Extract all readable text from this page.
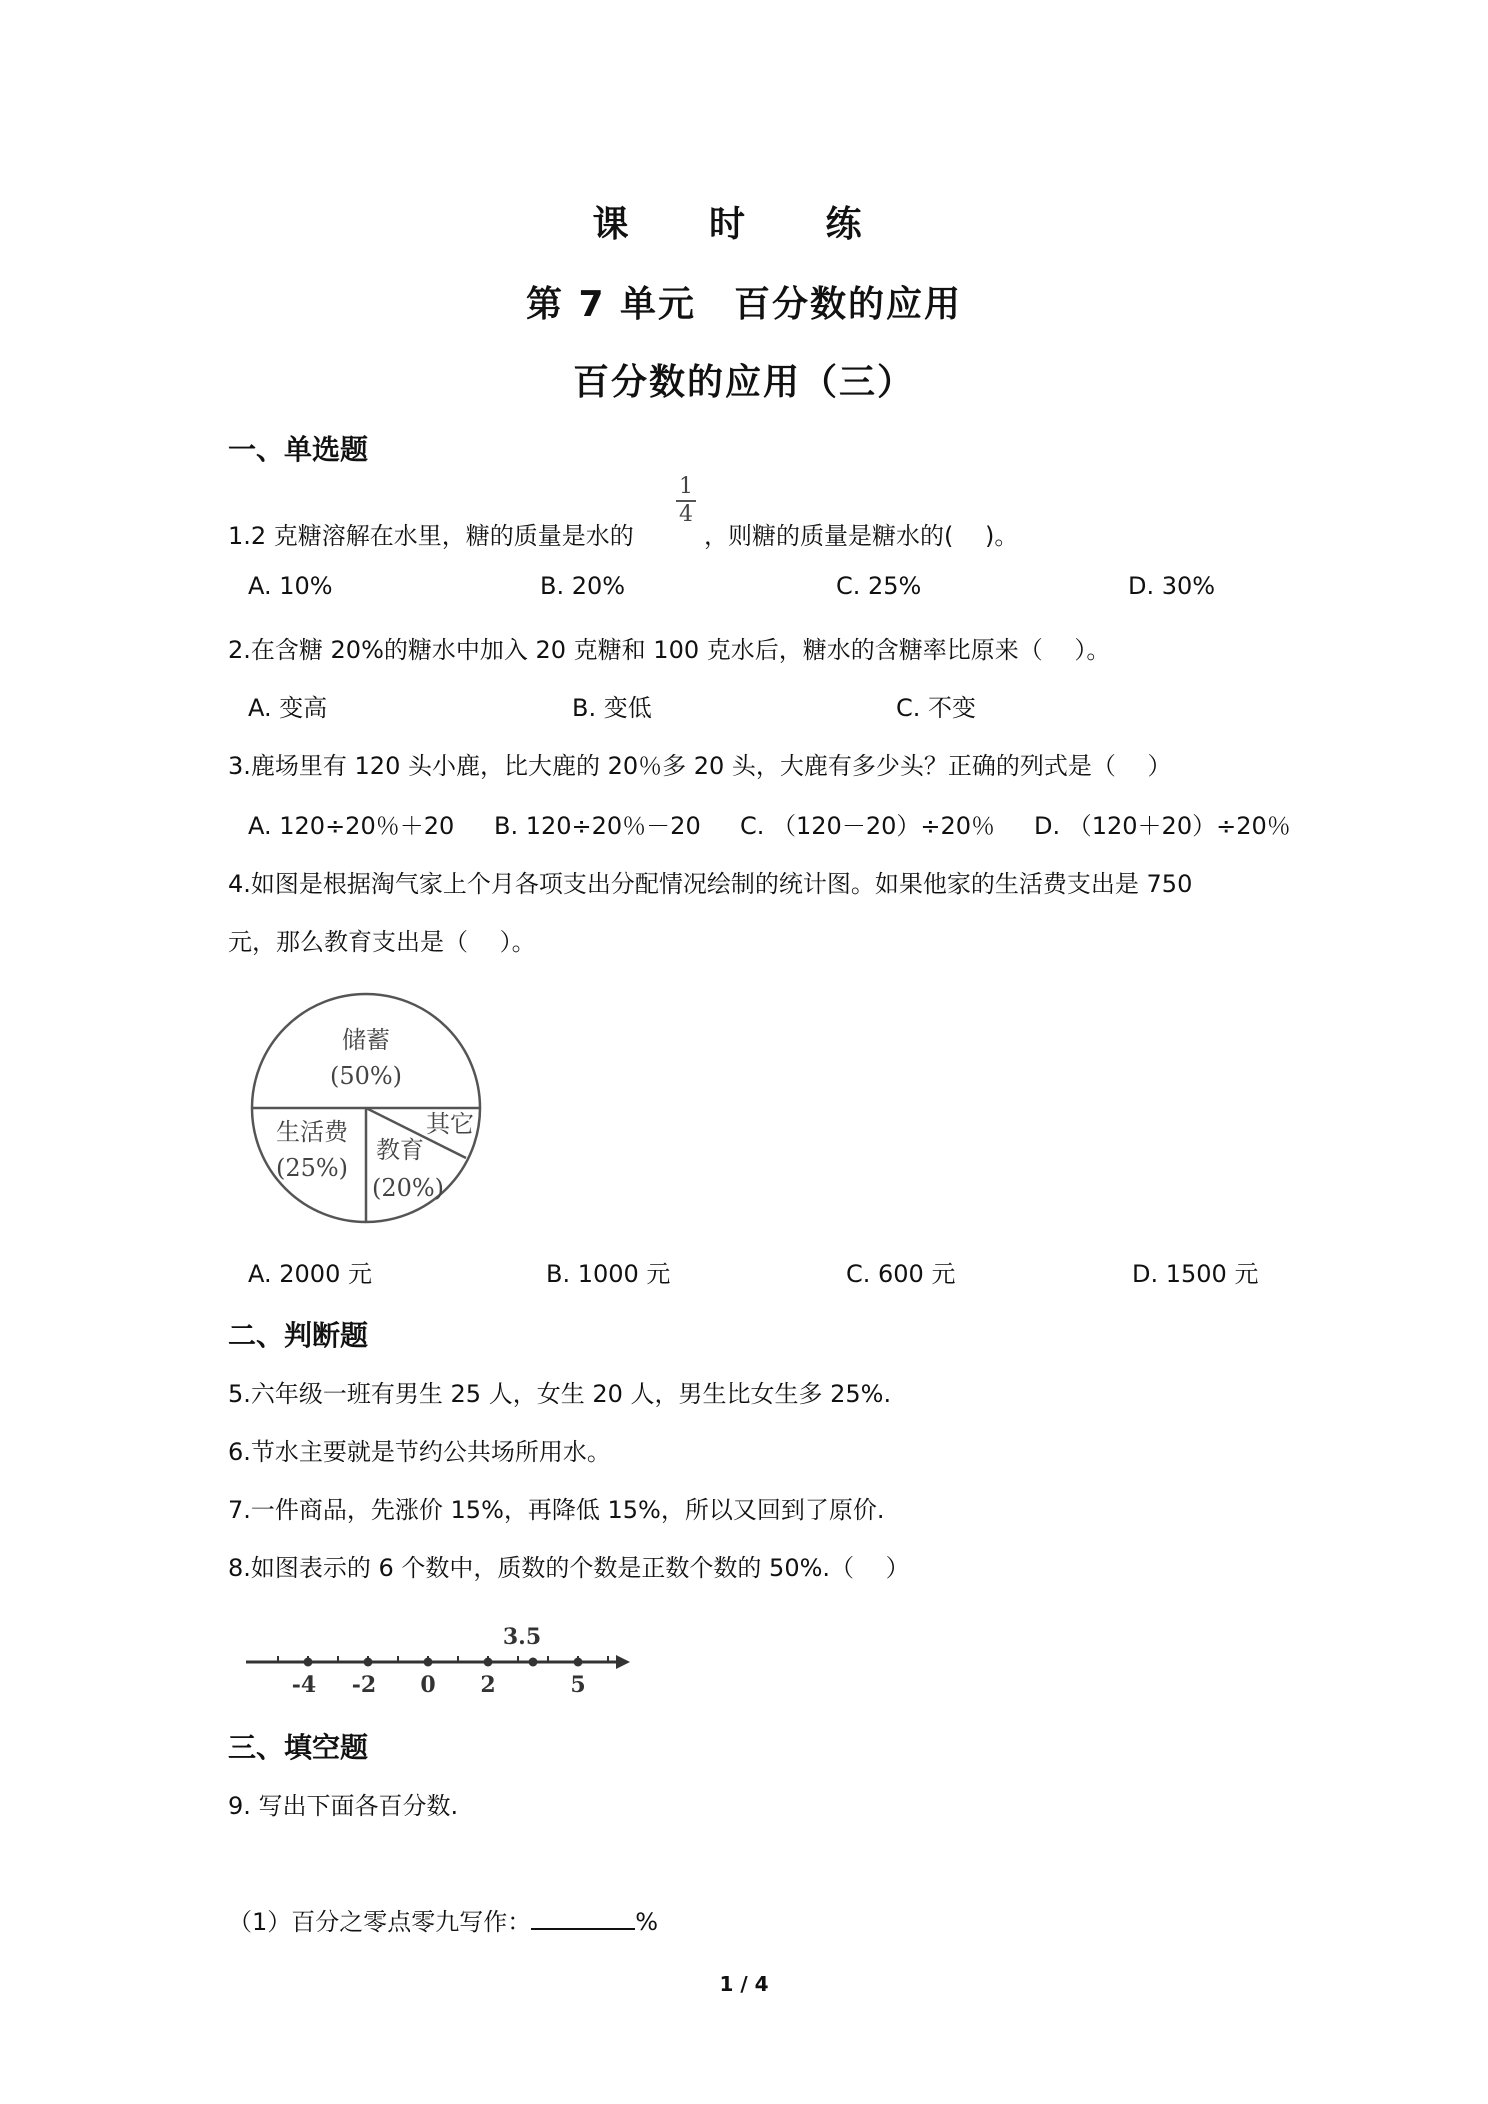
课 时 练
第 7 单元　百分数的应用
百分数的应用（三）
一、单选题
1.2 克糖溶解在水里，糖的质量是水的
1
4
，则糖的质量是糖水的(　 )。
A. 10%	B. 20%	C. 25%	D. 30%
2.在含糖 20%的糖水中加入 20 克糖和 100 克水后，糖水的含糖率比原来（　 ）。
A. 变高	B. 变低	C. 不变
3.鹿场里有 120 头小鹿，比大鹿的 20％多 20 头，大鹿有多少头？正确的列式是（　 ）
A. 120÷20％＋20 B. 120÷20％－20 C. （120－20）÷20％ D. （120＋20）÷20％
4.如图是根据淘气家上个月各项支出分配情况绘制的统计图。如果他家的生活费支出是 750
元，那么教育支出是（　 ）。
储蓄
(50%)
生活费
(25%)
教育
(20%)
其它
A. 2000 元	B. 1000 元	C. 600 元	D. 1500 元
二、判断题
5.六年级一班有男生 25 人，女生 20 人，男生比女生多 25%.
6.节水主要就是节约公共场所用水。
7.一件商品，先涨价 15%，再降低 15%，所以又回到了原价.
8.如图表示的 6 个数中，质数的个数是正数个数的 50%.（　 ）
-4 -2 0 2
3.5
5
三、填空题
9. 写出下面各百分数.
（1）百分之零点零九写作：	%
1 / 4
